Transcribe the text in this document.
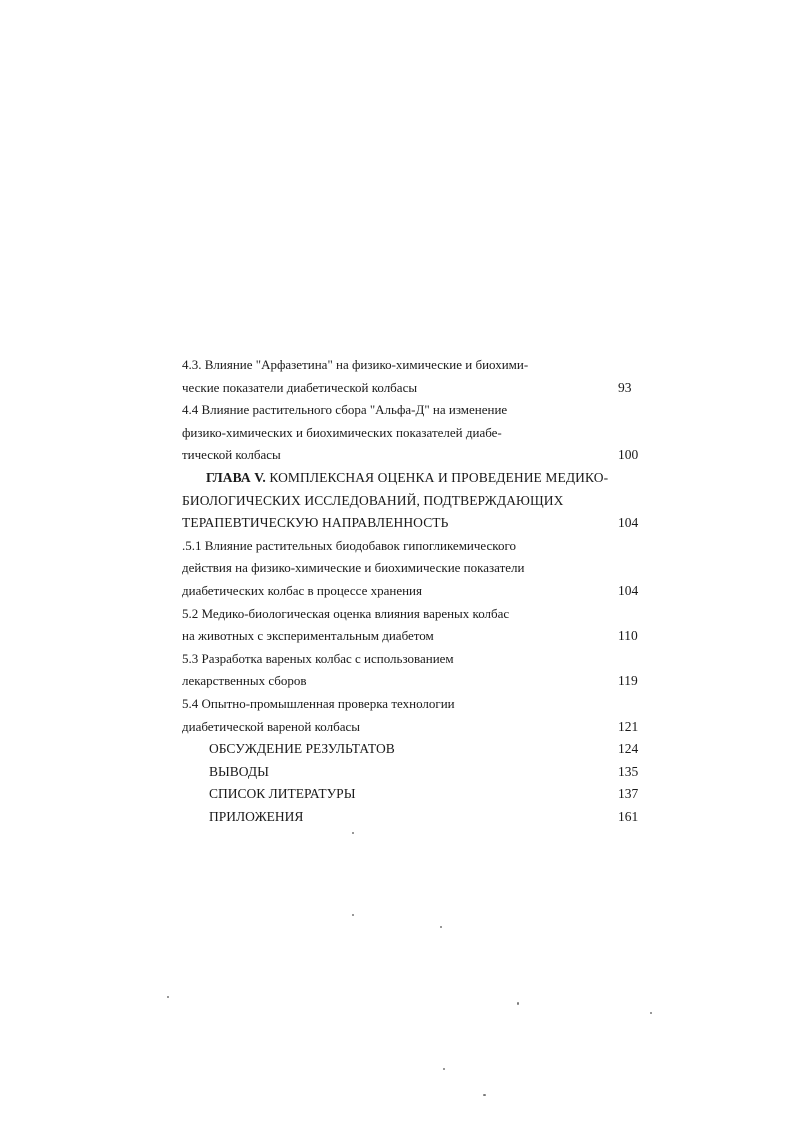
4.3. Влияние "Арфазетина" на физико-химические и биохими-
ческие показатели диабетической колбасы	93
4.4 Влияние растительного сбора "Альфа-Д" на изменение
физико-химических и биохимических показателей диабе-
тической колбасы	100
ГЛАВА V. КОМПЛЕКСНАЯ ОЦЕНКА И ПРОВЕДЕНИЕ МЕДИКО-
БИОЛОГИЧЕСКИХ ИССЛЕДОВАНИЙ, ПОДТВЕРЖДАЮЩИХ
ТЕРАПЕВТИЧЕСКУЮ НАПРАВЛЕННОСТЬ	104
.5.1 Влияние растительных биодобавок гипогликемического
действия на физико-химические и биохимические показатели
диабетических колбас в процессе хранения	104
5.2 Медико-биологическая оценка влияния вареных колбас
на животных с экспериментальным диабетом	110
5.3 Разработка вареных колбас с использованием
лекарственных сборов	119
5.4 Опытно-промышленная проверка технологии
диабетической вареной колбасы	121
ОБСУЖДЕНИЕ РЕЗУЛЬТАТОВ	124
ВЫВОДЫ	135
СПИСОК ЛИТЕРАТУРЫ	137
ПРИЛОЖЕНИЯ	161
